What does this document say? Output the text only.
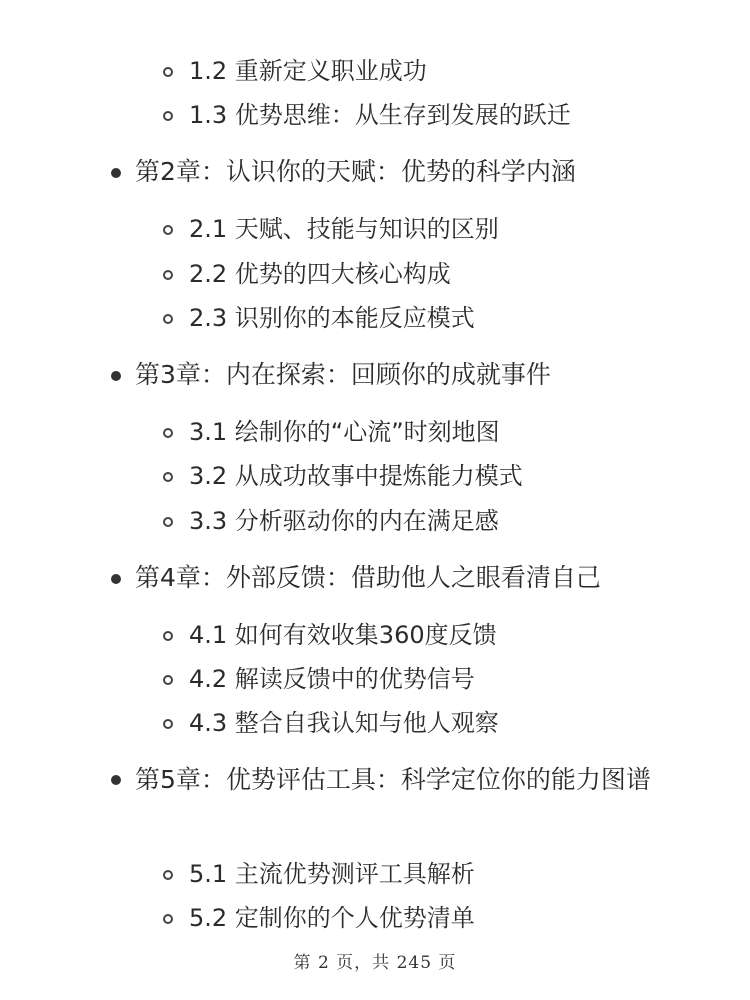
1.2 重新定义职业成功
1.3 优势思维：从生存到发展的跃迁
第2章：认识你的天赋：优势的科学内涵
2.1 天赋、技能与知识的区别
2.2 优势的四大核心构成
2.3 识别你的本能反应模式
第3章：内在探索：回顾你的成就事件
3.1 绘制你的“心流”时刻地图
3.2 从成功故事中提炼能力模式
3.3 分析驱动你的内在满足感
第4章：外部反馈：借助他人之眼看清自己
4.1 如何有效收集360度反馈
4.2 解读反馈中的优势信号
4.3 整合自我认知与他人观察
第5章：优势评估工具：科学定位你的能力图谱
5.1 主流优势测评工具解析
5.2 定制你的个人优势清单
第 2 页，共 245 页
